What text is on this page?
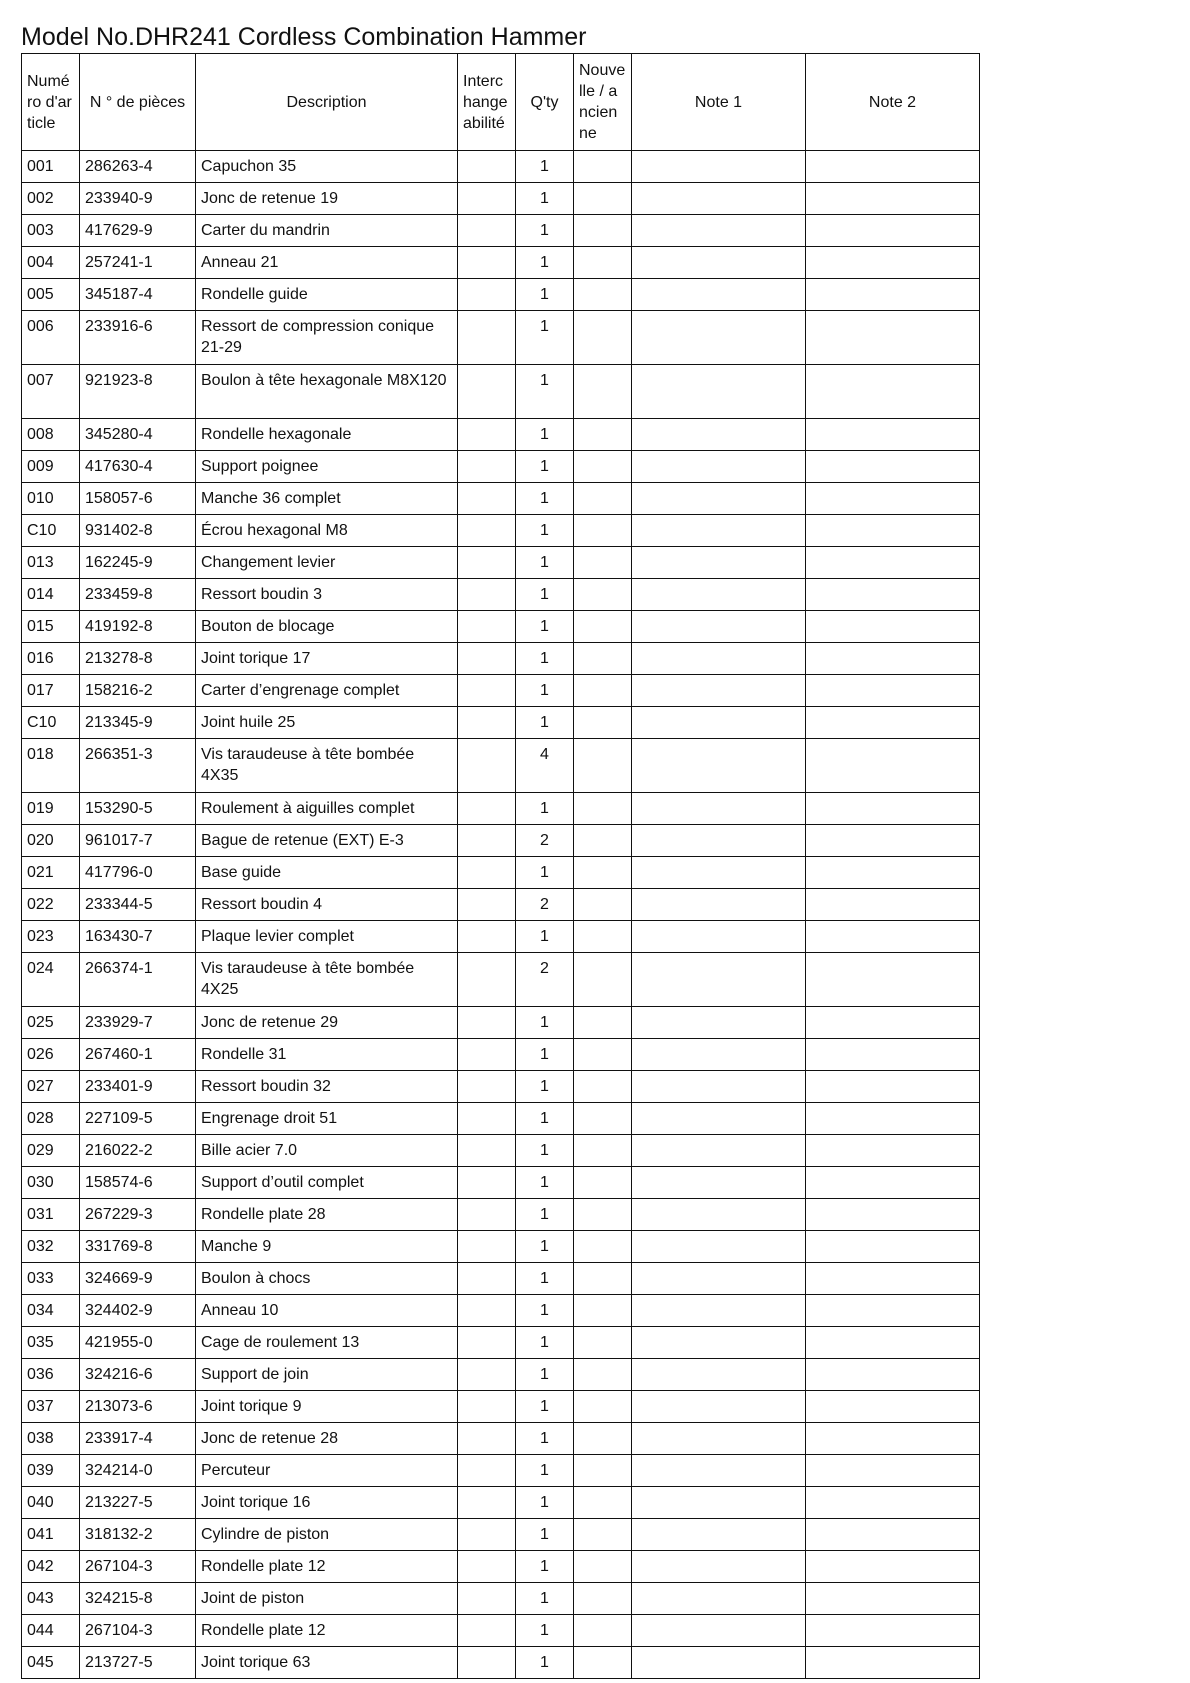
Model No.DHR241 Cordless Combination Hammer
Numéro d'article	N ° de pièces	Description	Interchangeabilité	Q'ty	Nouvelle / ancienne	Note 1	Note 2
001	286263-4	Capuchon 35		1			
002	233940-9	Jonc de retenue 19		1			
003	417629-9	Carter du mandrin		1			
004	257241-1	Anneau 21		1			
005	345187-4	Rondelle guide		1			
006	233916-6	Ressort de compression conique 21-29		1			
007	921923-8	Boulon à tête hexagonale M8X120		1			
008	345280-4	Rondelle hexagonale		1			
009	417630-4	Support poignee		1			
010	158057-6	Manche 36 complet		1			
C10	931402-8	Écrou hexagonal M8		1			
013	162245-9	Changement levier		1			
014	233459-8	Ressort boudin 3		1			
015	419192-8	Bouton de blocage		1			
016	213278-8	Joint torique 17		1			
017	158216-2	Carter d’engrenage complet		1			
C10	213345-9	Joint huile 25		1			
018	266351-3	Vis taraudeuse à tête bombée 4X35		4			
019	153290-5	Roulement à aiguilles complet		1			
020	961017-7	Bague de retenue (EXT) E-3		2			
021	417796-0	Base guide		1			
022	233344-5	Ressort boudin 4		2			
023	163430-7	Plaque levier complet		1			
024	266374-1	Vis taraudeuse à tête bombée 4X25		2			
025	233929-7	Jonc de retenue 29		1			
026	267460-1	Rondelle 31		1			
027	233401-9	Ressort boudin 32		1			
028	227109-5	Engrenage droit 51		1			
029	216022-2	Bille acier 7.0		1			
030	158574-6	Support d’outil complet		1			
031	267229-3	Rondelle plate 28		1			
032	331769-8	Manche 9		1			
033	324669-9	Boulon à chocs		1			
034	324402-9	Anneau 10		1			
035	421955-0	Cage de roulement 13		1			
036	324216-6	Support de join		1			
037	213073-6	Joint torique 9		1			
038	233917-4	Jonc de retenue 28		1			
039	324214-0	Percuteur		1			
040	213227-5	Joint torique 16		1			
041	318132-2	Cylindre de piston		1			
042	267104-3	Rondelle plate 12		1			
043	324215-8	Joint de piston		1			
044	267104-3	Rondelle plate 12		1			
045	213727-5	Joint torique 63		1			
